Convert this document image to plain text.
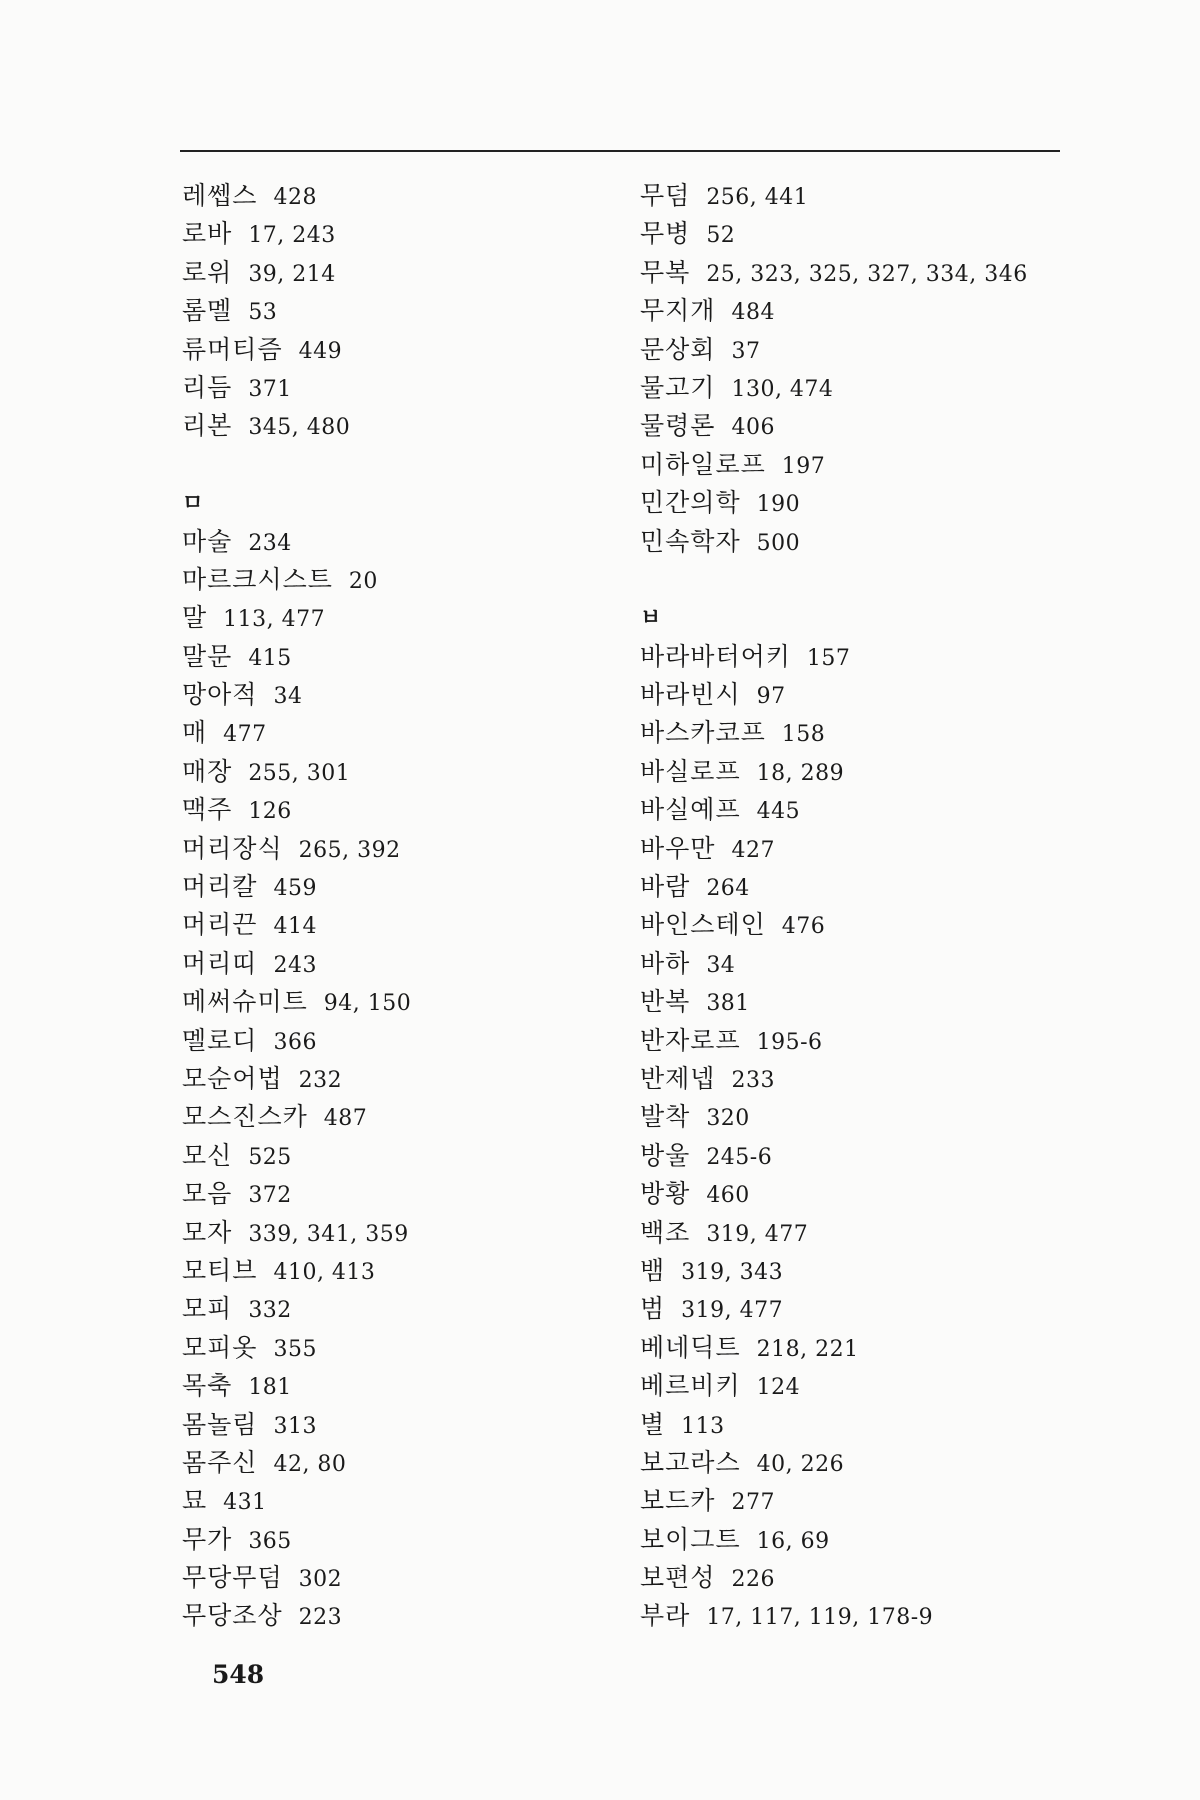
레쎕스 428
로바 17, 243
로위 39, 214
롬멜 53
류머티즘 449
리듬 371
리본 345, 480
ㅁ
마술 234
마르크시스트 20
말 113, 477
말문 415
망아적 34
매 477
매장 255, 301
맥주 126
머리장식 265, 392
머리칼 459
머리끈 414
머리띠 243
메써슈미트 94, 150
멜로디 366
모순어법 232
모스진스카 487
모신 525
모음 372
모자 339, 341, 359
모티브 410, 413
모피 332
모피옷 355
목축 181
몸놀림 313
몸주신 42, 80
묘 431
무가 365
무당무덤 302
무당조상 223
무덤 256, 441
무병 52
무복 25, 323, 325, 327, 334, 346
무지개 484
문상회 37
물고기 130, 474
물령론 406
미하일로프 197
민간의학 190
민속학자 500
ㅂ
바라바터어키 157
바라빈시 97
바스카코프 158
바실로프 18, 289
바실예프 445
바우만 427
바람 264
바인스테인 476
바하 34
반복 381
반자로프 195-6
반제넵 233
발착 320
방울 245-6
방황 460
백조 319, 477
뱀 319, 343
범 319, 477
베네딕트 218, 221
베르비키 124
별 113
보고라스 40, 226
보드카 277
보이그트 16, 69
보편성 226
부라 17, 117, 119, 178-9
548
